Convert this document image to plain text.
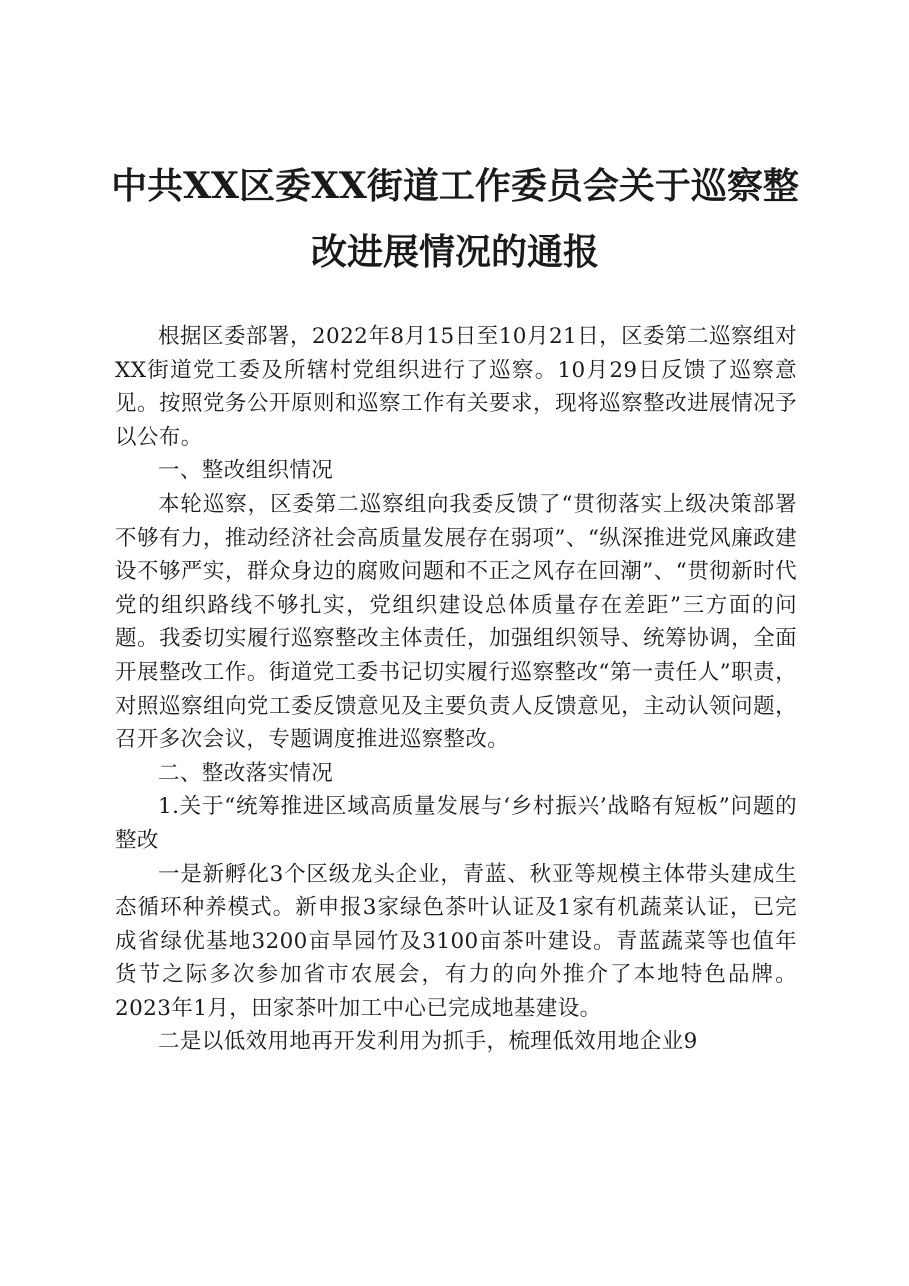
中共XX区委XX街道工作委员会关于巡察整
改进展情况的通报

根据区委部署，2022年8月15日至10月21日，区委第二巡察组对XX街道党工委及所辖村党组织进行了巡察。10月29日反馈了巡察意见。按照党务公开原则和巡察工作有关要求，现将巡察整改进展情况予以公布。

一、整改组织情况

本轮巡察，区委第二巡察组向我委反馈了“贯彻落实上级决策部署不够有力，推动经济社会高质量发展存在弱项”、“纵深推进党风廉政建设不够严实，群众身边的腐败问题和不正之风存在回潮”、“贯彻新时代党的组织路线不够扎实，党组织建设总体质量存在差距”三方面的问题。我委切实履行巡察整改主体责任，加强组织领导、统筹协调，全面开展整改工作。街道党工委书记切实履行巡察整改“第一责任人”职责，对照巡察组向党工委反馈意见及主要负责人反馈意见，主动认领问题，召开多次会议，专题调度推进巡察整改。

二、整改落实情况

1.关于“统筹推进区域高质量发展与‘乡村振兴’战略有短板”问题的整改

一是新孵化3个区级龙头企业，青蓝、秋亚等规模主体带头建成生态循环种养模式。新申报3家绿色茶叶认证及1家有机蔬菜认证，已完成省绿优基地3200亩旱园竹及3100亩茶叶建设。青蓝蔬菜等也值年货节之际多次参加省市农展会，有力的向外推介了本地特色品牌。2023年1月，田家茶叶加工中心已完成地基建设。

二是以低效用地再开发利用为抓手，梳理低效用地企业9
